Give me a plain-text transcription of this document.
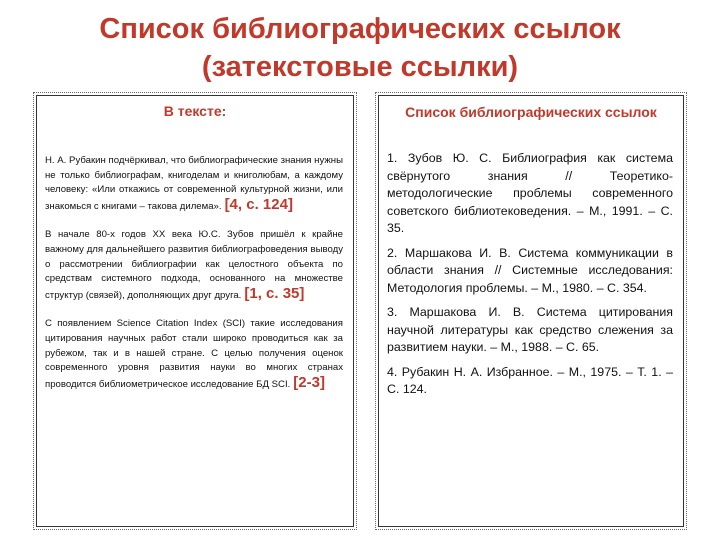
Список библиографических ссылок
(затекстовые ссылки)
В тексте:
Н. А. Рубакин подчёркивал, что библиографические знания нужны не только библиографам, книгоделам и книголюбам, а каждому человеку: «Или откажись от современной культурной жизни, или знакомься с книгами – такова дилема». [4, с. 124]
В начале 80-х годов XX века Ю.С. Зубов пришёл к крайне важному для дальнейшего развития библиографоведения выводу о рассмотрении библиографии как целостного объекта по средствам системного подхода, основанного на множестве структур (связей), дополняющих друг друга. [1, с. 35]
С появлением Science Citation Index (SCI) такие исследования цитирования научных работ стали широко проводиться как за рубежом, так и в нашей стране. С целью получения оценок современного уровня развития науки во многих странах проводится библиометрическое исследование БД SCI. [2-3]
Список библиографических ссылок
1. Зубов Ю. С. Библиография как система свёрнутого знания // Теоретико-методологические проблемы современного советского библиотековедения. – М., 1991. – С. 35.
2. Маршакова И. В. Система коммуникации в области знания // Системные исследования: Методология проблемы. – М., 1980. – С. 354.
3. Маршакова И. В. Система цитирования научной литературы как средство слежения за развитием науки. – М., 1988. – С. 65.
4. Рубакин Н. А. Избранное. – М., 1975. – Т. 1. – С. 124.
